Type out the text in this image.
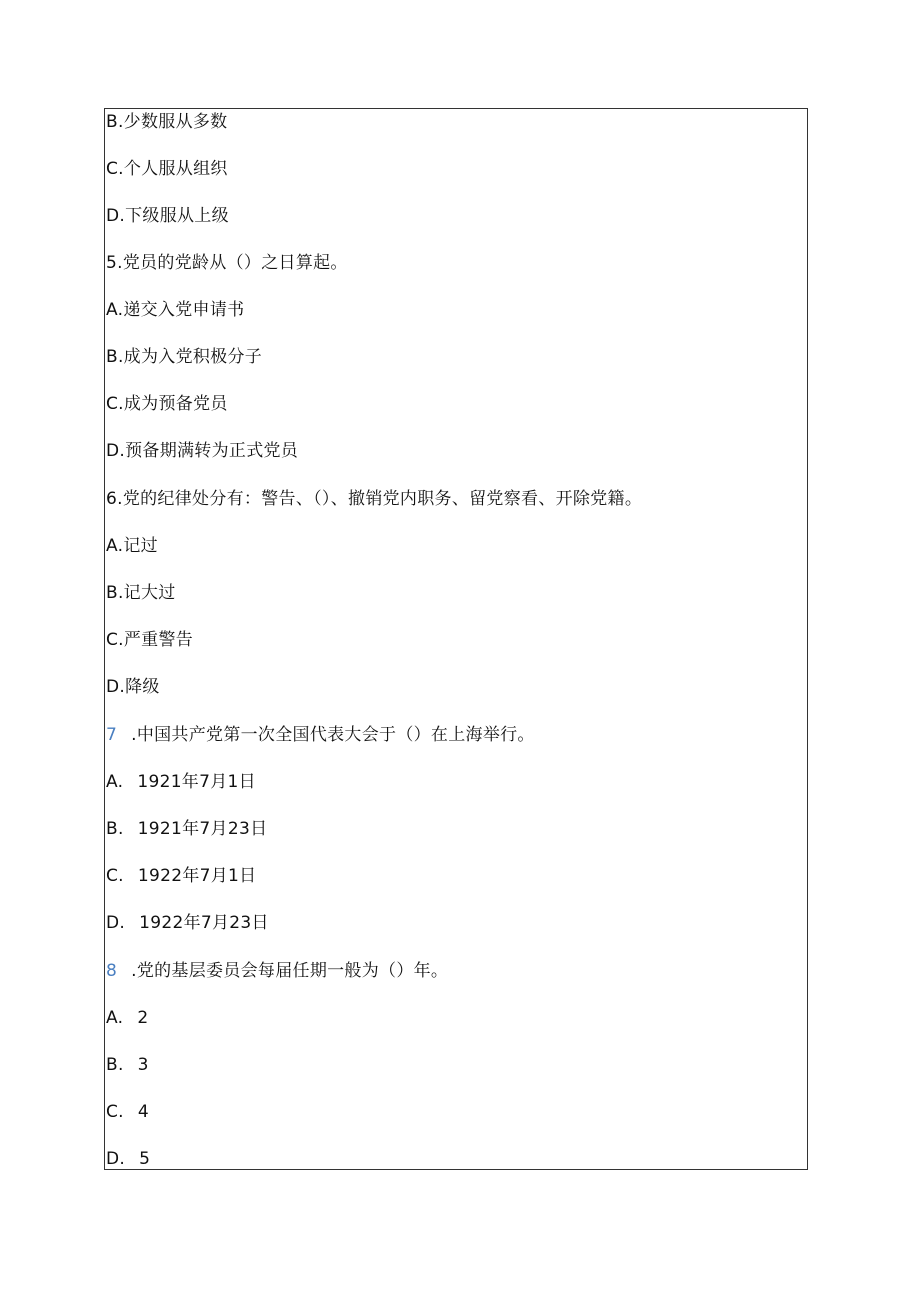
B.少数服从多数
C.个人服从组织
D.下级服从上级
5.党员的党龄从（）之日算起。
A.递交入党申请书
B.成为入党积极分子
C.成为预备党员
D.预备期满转为正式党员
6.党的纪律处分有：警告、（）、撤销党内职务、留党察看、开除党籍。
A.记过
B.记大过
C.严重警告
D.降级
7 .中国共产党第一次全国代表大会于（）在上海举行。
A. 1921年7月1日
B. 1921年7月23日
C. 1922年7月1日
D. 1922年7月23日
8 .党的基层委员会每届任期一般为（）年。
A. 2
B. 3
C. 4
D. 5
